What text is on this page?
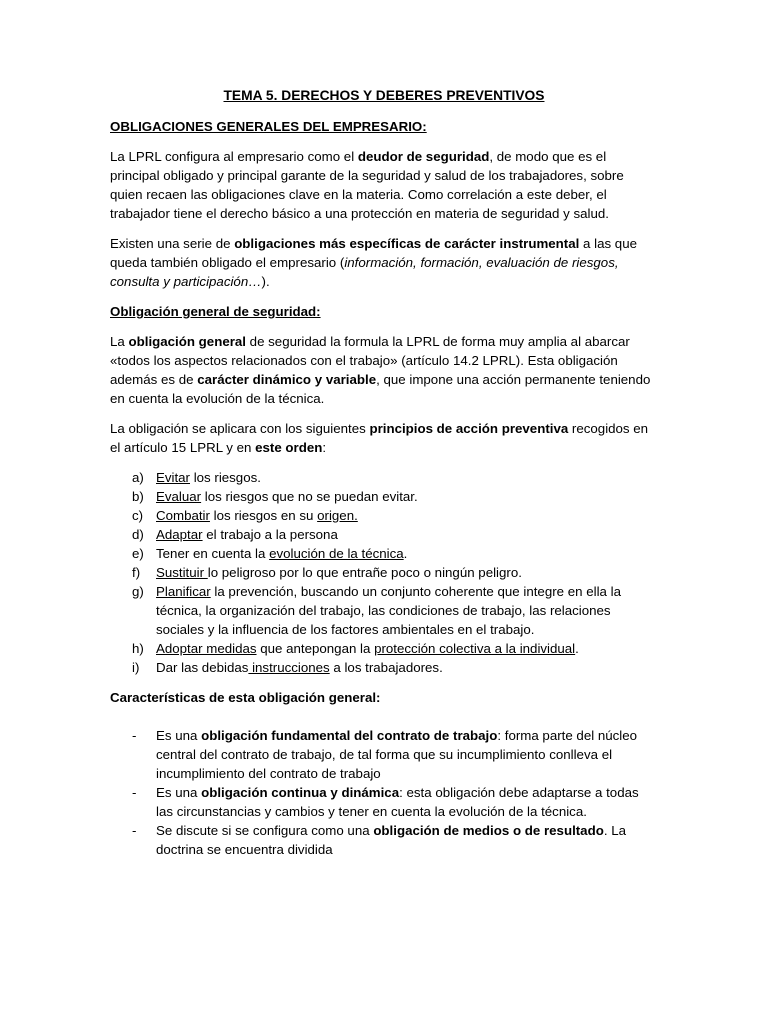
TEMA 5. DERECHOS Y DEBERES PREVENTIVOS
OBLIGACIONES GENERALES DEL EMPRESARIO:

La LPRL configura al empresario como el deudor de seguridad, de modo que es el principal obligado y principal garante de la seguridad y salud de los trabajadores, sobre quien recaen las obligaciones clave en la materia. Como correlación a este deber, el trabajador tiene el derecho básico a una protección en materia de seguridad y salud.

Existen una serie de obligaciones más específicas de carácter instrumental a las que queda también obligado el empresario (información, formación, evaluación de riesgos, consulta y participación…).

Obligación general de seguridad:

La obligación general de seguridad la formula la LPRL de forma muy amplia al abarcar «todos los aspectos relacionados con el trabajo» (artículo 14.2 LPRL). Esta obligación además es de carácter dinámico y variable, que impone una acción permanente teniendo en cuenta la evolución de la técnica.

La obligación se aplicara con los siguientes principios de acción preventiva recogidos en el artículo 15 LPRL y en este orden:

a) Evitar los riesgos.
b) Evaluar los riesgos que no se puedan evitar.
c) Combatir los riesgos en su origen.
d) Adaptar el trabajo a la persona
e) Tener en cuenta la evolución de la técnica.
f) Sustituir lo peligroso por lo que entrañe poco o ningún peligro.
g) Planificar la prevención, buscando un conjunto coherente que integre en ella la técnica, la organización del trabajo, las condiciones de trabajo, las relaciones sociales y la influencia de los factores ambientales en el trabajo.
h) Adoptar medidas que antepongan la protección colectiva a la individual.
i) Dar las debidas instrucciones a los trabajadores.
Características de esta obligación general:
- Es una obligación fundamental del contrato de trabajo: forma parte del núcleo central del contrato de trabajo, de tal forma que su incumplimiento conlleva el incumplimiento del contrato de trabajo
- Es una obligación continua y dinámica: esta obligación debe adaptarse a todas las circunstancias y cambios y tener en cuenta la evolución de la técnica.
- Se discute si se configura como una obligación de medios o de resultado. La doctrina se encuentra dividida
